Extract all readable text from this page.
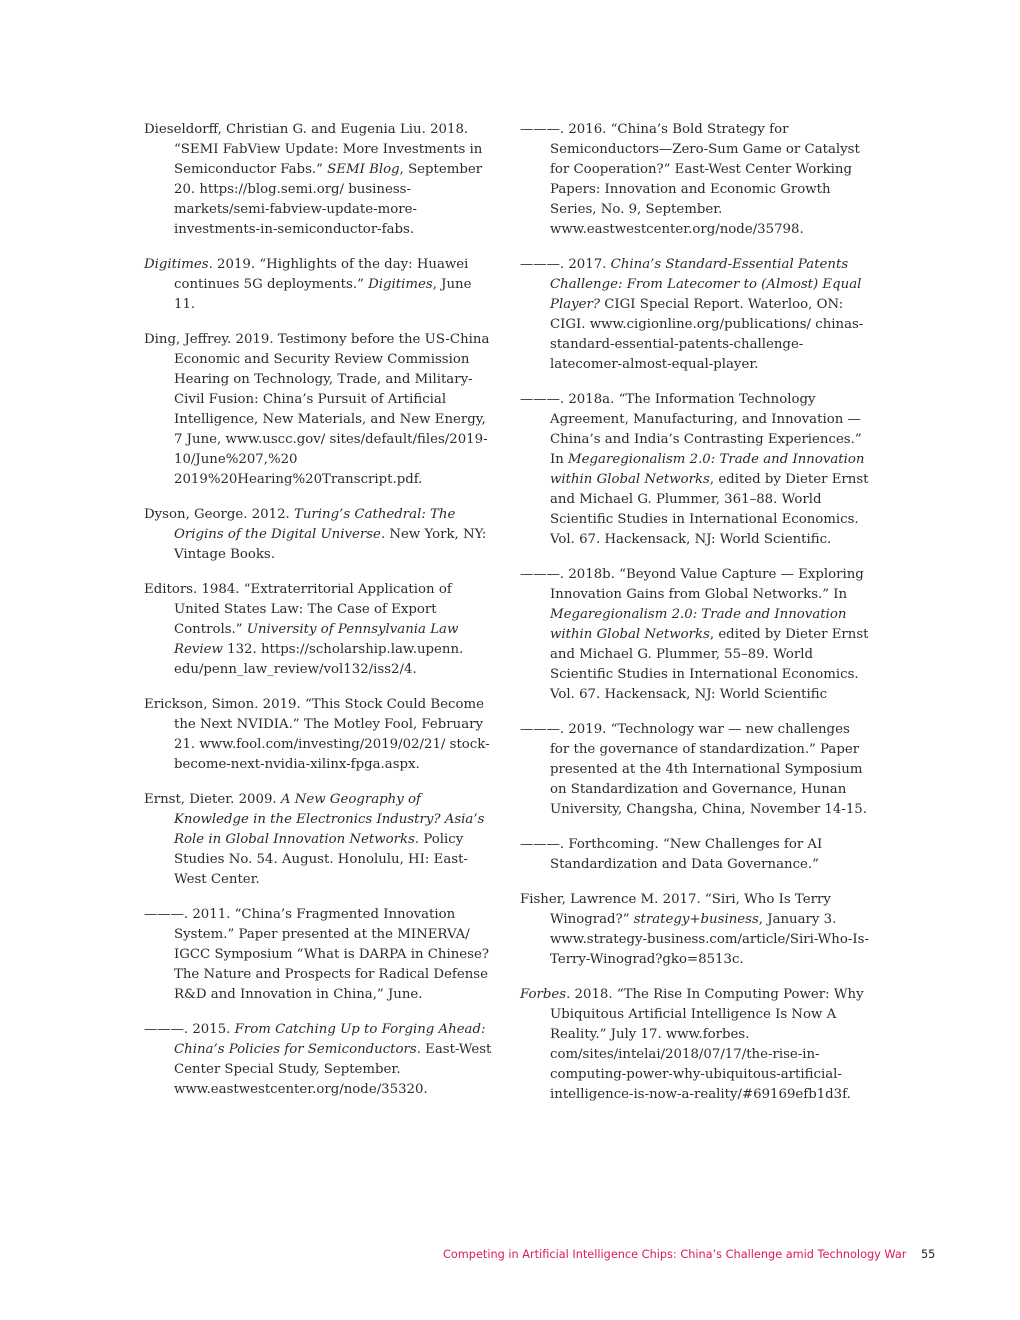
Dieseldorff, Christian G. and Eugenia Liu. 2018. “SEMI FabView Update: More Investments in Semiconductor Fabs.” SEMI Blog, September 20. https://blog.semi.org/ business-markets/semi-fabview-update-more-investments-in-semiconductor-fabs.

Digitimes. 2019. “Highlights of the day: Huawei continues 5G deployments.” Digitimes, June 11.

Ding, Jeffrey. 2019. Testimony before the US-China Economic and Security Review Commission Hearing on Technology, Trade, and Military-Civil Fusion: China’s Pursuit of Artificial Intelligence, New Materials, and New Energy, 7 June, www.uscc.gov/ sites/default/files/2019-10/June%207,%20 2019%20Hearing%20Transcript.pdf.

Dyson, George. 2012. Turing’s Cathedral: The Origins of the Digital Universe. New York, NY: Vintage Books.

Editors. 1984. “Extraterritorial Application of United States Law: The Case of Export Controls.” University of Pennsylvania Law Review 132. https://scholarship.law.upenn. edu/penn_law_review/vol132/iss2/4.

Erickson, Simon. 2019. “This Stock Could Become the Next NVIDIA.” The Motley Fool, February 21. www.fool.com/investing/2019/02/21/ stock-become-next-nvidia-xilinx-fpga.aspx.

Ernst, Dieter. 2009. A New Geography of Knowledge in the Electronics Industry? Asia’s Role in Global Innovation Networks. Policy Studies No. 54. August. Honolulu, HI: East-West Center.

———. 2011. “China’s Fragmented Innovation System.” Paper presented at the MINERVA/ IGCC Symposium “What is DARPA in Chinese? The Nature and Prospects for Radical Defense R&D and Innovation in China,” June.

———. 2015. From Catching Up to Forging Ahead: China’s Policies for Semiconductors. East-West Center Special Study, September. www.eastwestcenter.org/node/35320.

———. 2016. “China’s Bold Strategy for Semiconductors—Zero-Sum Game or Catalyst for Cooperation?” East-West Center Working Papers: Innovation and Economic Growth Series, No. 9, September. www.eastwestcenter.org/node/35798.

———. 2017. China’s Standard-Essential Patents Challenge: From Latecomer to (Almost) Equal Player? CIGI Special Report. Waterloo, ON: CIGI. www.cigionline.org/publications/ chinas-standard-essential-patents-challenge-latecomer-almost-equal-player.

———. 2018a. “The Information Technology Agreement, Manufacturing, and Innovation — China’s and India’s Contrasting Experiences.” In Megaregionalism 2.0: Trade and Innovation within Global Networks, edited by Dieter Ernst and Michael G. Plummer, 361–88. World Scientific Studies in International Economics. Vol. 67. Hackensack, NJ: World Scientific.

———. 2018b. “Beyond Value Capture — Exploring Innovation Gains from Global Networks.” In Megaregionalism 2.0: Trade and Innovation within Global Networks, edited by Dieter Ernst and Michael G. Plummer, 55–89. World Scientific Studies in International Economics. Vol. 67. Hackensack, NJ: World Scientific

———. 2019. “Technology war — new challenges for the governance of standardization.” Paper presented at the 4th International Symposium on Standardization and Governance, Hunan University, Changsha, China, November 14-15.

———. Forthcoming. “New Challenges for AI Standardization and Data Governance.”

Fisher, Lawrence M. 2017. “Siri, Who Is Terry Winograd?” strategy+business, January 3. www.strategy-business.com/article/Siri-Who-Is-Terry-Winograd?gko=8513c.

Forbes. 2018. “The Rise In Computing Power: Why Ubiquitous Artificial Intelligence Is Now A Reality.” July 17. www.forbes. com/sites/intelai/2018/07/17/the-rise-in-computing-power-why-ubiquitous-artificial-intelligence-is-now-a-reality/#69169efb1d3f.

Competing in Artificial Intelligence Chips: China’s Challenge amid Technology War 55
